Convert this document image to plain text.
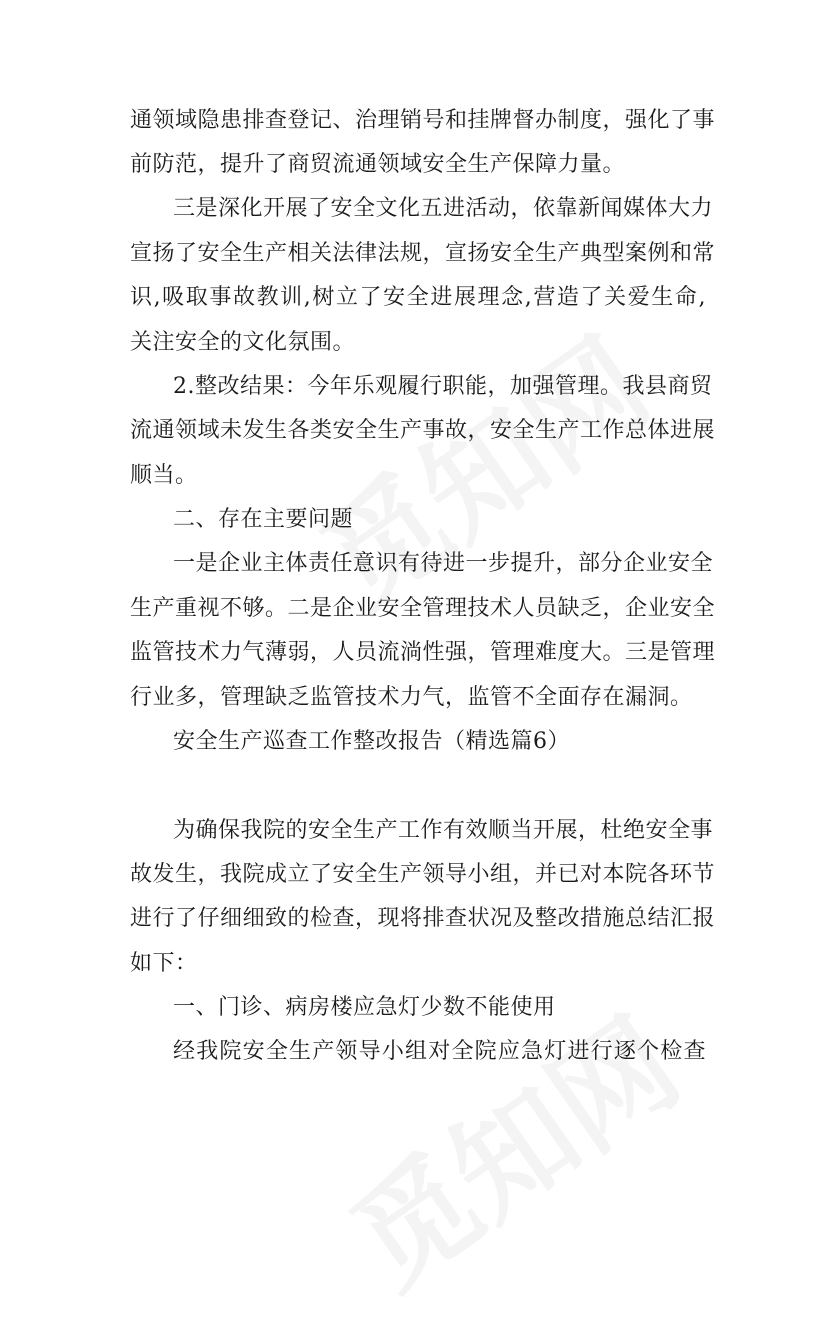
通领域隐患排查登记、治理销号和挂牌督办制度，强化了事
前防范，提升了商贸流通领域安全生产保障力量。
三是深化开展了安全文化五进活动，依靠新闻媒体大力
宣扬了安全生产相关法律法规，宣扬安全生产典型案例和常
识,吸取事故教训,树立了安全进展理念,营造了关爱生命,
关注安全的文化氛围。
2.整改结果：今年乐观履行职能，加强管理。我县商贸
流通领域未发生各类安全生产事故，安全生产工作总体进展
顺当。
二、存在主要问题
一是企业主体责任意识有待进一步提升，部分企业安全
生产重视不够。二是企业安全管理技术人员缺乏，企业安全
监管技术力气薄弱，人员流淌性强，管理难度大。三是管理
行业多，管理缺乏监管技术力气，监管不全面存在漏洞。
安全生产巡查工作整改报告（精选篇6）
为确保我院的安全生产工作有效顺当开展，杜绝安全事
故发生，我院成立了安全生产领导小组，并已对本院各环节
进行了仔细细致的检查，现将排查状况及整改措施总结汇报
如下：
一、门诊、病房楼应急灯少数不能使用
经我院安全生产领导小组对全院应急灯进行逐个检查
